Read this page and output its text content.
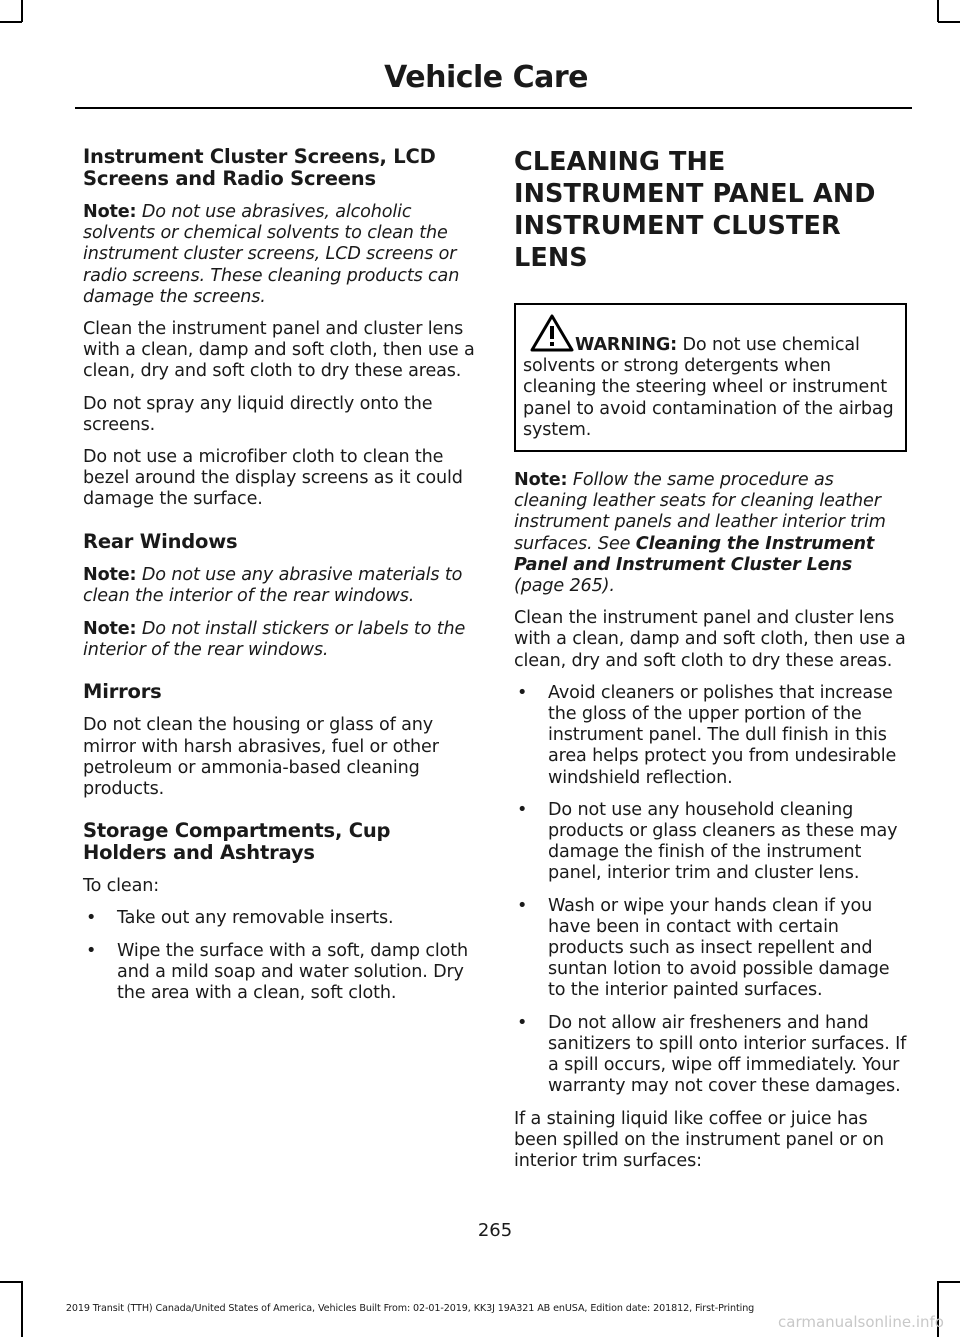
Vehicle Care
Instrument Cluster Screens, LCD Screens and Radio Screens

Note: Do not use abrasives, alcoholic solvents or chemical solvents to clean the instrument cluster screens, LCD screens or radio screens. These cleaning products can damage the screens.

Clean the instrument panel and cluster lens with a clean, damp and soft cloth, then use a clean, dry and soft cloth to dry these areas.

Do not spray any liquid directly onto the screens.

Do not use a microfiber cloth to clean the bezel around the display screens as it could damage the surface.

Rear Windows

Note: Do not use any abrasive materials to clean the interior of the rear windows.

Note: Do not install stickers or labels to the interior of the rear windows.

Mirrors

Do not clean the housing or glass of any mirror with harsh abrasives, fuel or other petroleum or ammonia-based cleaning products.

Storage Compartments, Cup Holders and Ashtrays

To clean:

• Take out any removable inserts.
• Wipe the surface with a soft, damp cloth and a mild soap and water solution. Dry the area with a clean, soft cloth.
CLEANING THE INSTRUMENT PANEL AND INSTRUMENT CLUSTER LENS
WARNING: Do not use chemical solvents or strong detergents when cleaning the steering wheel or instrument panel to avoid contamination of the airbag system.

Note: Follow the same procedure as cleaning leather seats for cleaning leather instrument panels and leather interior trim surfaces. See Cleaning the Instrument Panel and Instrument Cluster Lens (page 265).

Clean the instrument panel and cluster lens with a clean, damp and soft cloth, then use a clean, dry and soft cloth to dry these areas.

• Avoid cleaners or polishes that increase the gloss of the upper portion of the instrument panel. The dull finish in this area helps protect you from undesirable windshield reflection.
• Do not use any household cleaning products or glass cleaners as these may damage the finish of the instrument panel, interior trim and cluster lens.
• Wash or wipe your hands clean if you have been in contact with certain products such as insect repellent and suntan lotion to avoid possible damage to the interior painted surfaces.
• Do not allow air fresheners and hand sanitizers to spill onto interior surfaces. If a spill occurs, wipe off immediately. Your warranty may not cover these damages.

If a staining liquid like coffee or juice has been spilled on the instrument panel or on interior trim surfaces:

265
2019 Transit (TTH) Canada/United States of America, Vehicles Built From: 02-01-2019, KK3J 19A321 AB enUSA, Edition date: 201812, First-Printing
carmanualsonline.info
